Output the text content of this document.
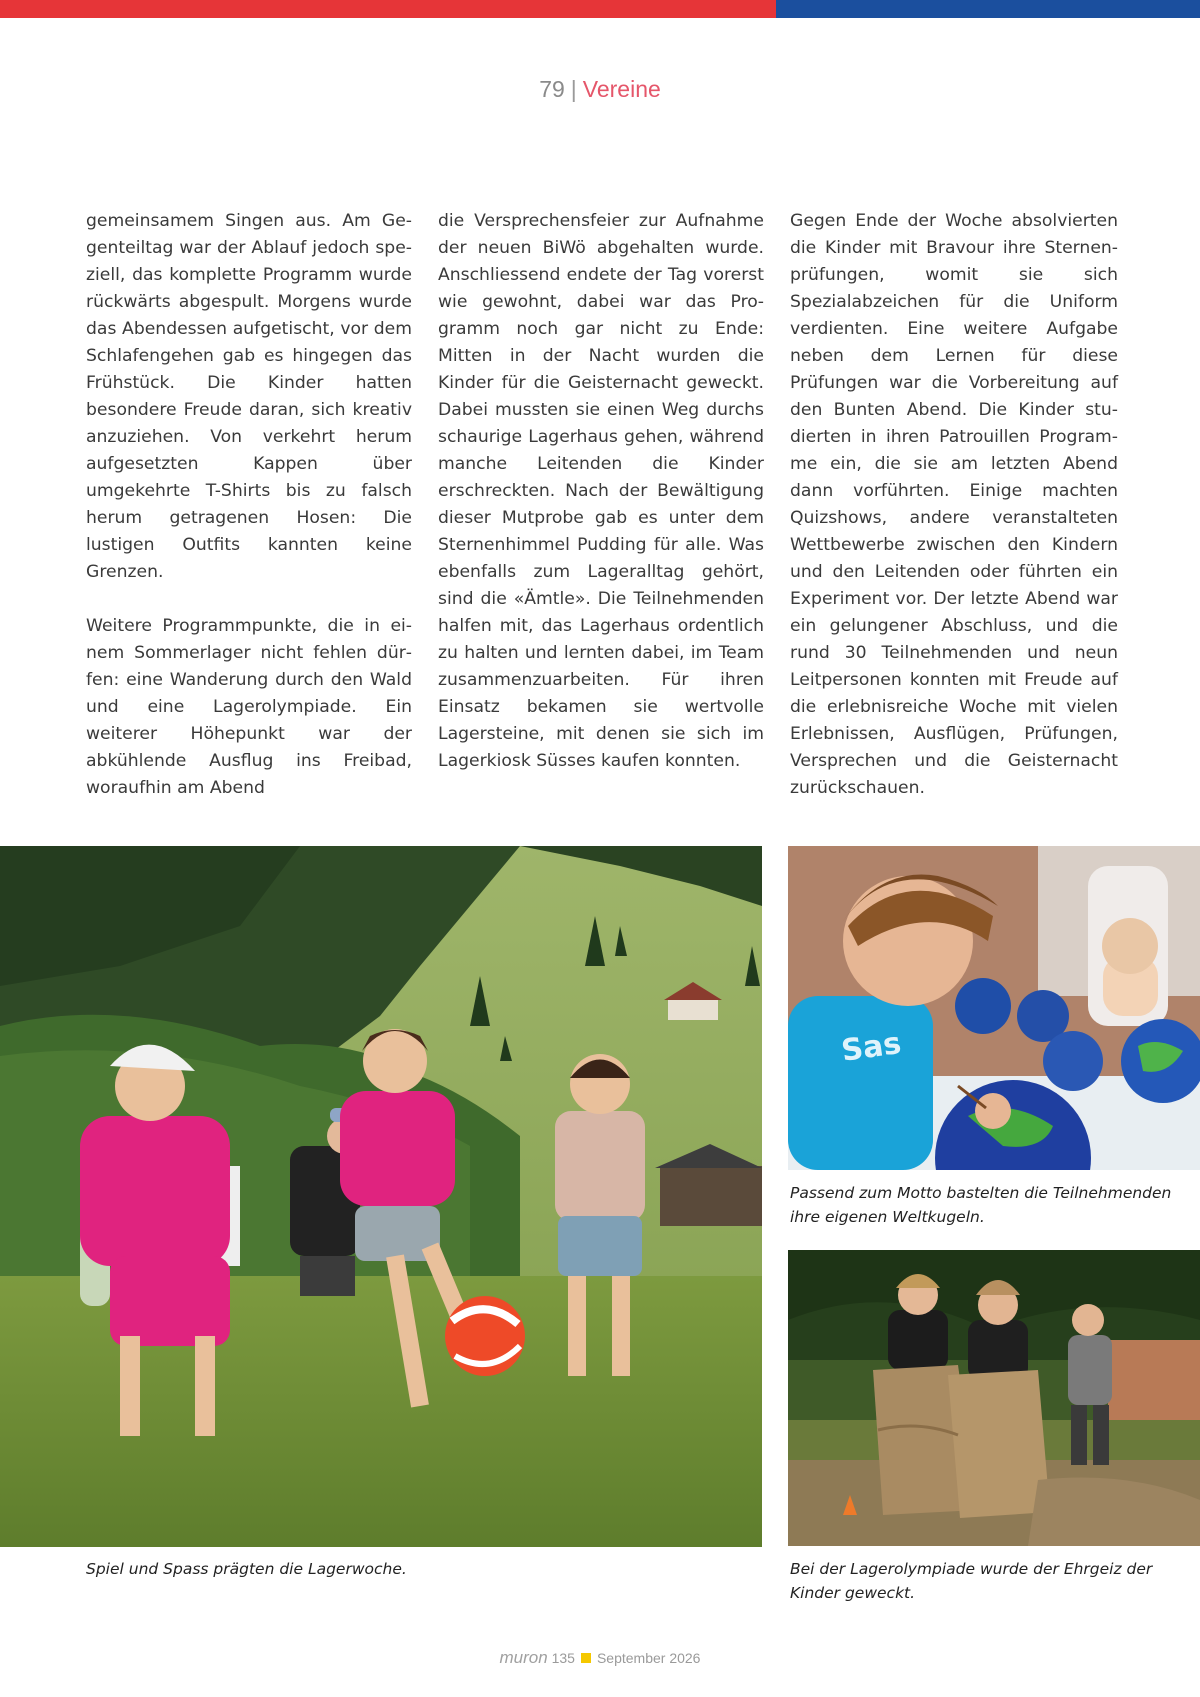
79 | Vereine

gemeinsamem Singen aus. Am Gegenteiltag war der Ablauf jedoch speziell, das komplette Programm wurde rückwärts abgespult. Morgens wurde das Abendessen aufgetischt, vor dem Schlafengehen gab es hingegen das Frühstück. Die Kinder hatten besondere Freude daran, sich kreativ anzuziehen. Von verkehrt herum aufgesetzten Kappen über umgekehrte T-Shirts bis zu falsch herum getragenen Hosen: Die lustigen Outfits kannten keine Grenzen.

Weitere Programmpunkte, die in einem Sommerlager nicht fehlen dürfen: eine Wanderung durch den Wald und eine Lagerolympiade. Ein weiterer Höhepunkt war der abkühlende Ausflug ins Freibad, woraufhin am Abend

die Versprechensfeier zur Aufnahme der neuen BiWö abgehalten wurde. Anschliessend endete der Tag vorerst wie gewohnt, dabei war das Programm noch gar nicht zu Ende: Mitten in der Nacht wurden die Kinder für die Geisternacht geweckt. Dabei mussten sie einen Weg durchs schaurige Lagerhaus gehen, während manche Leitenden die Kinder erschreckten. Nach der Bewältigung dieser Mutprobe gab es unter dem Sternenhimmel Pudding für alle. Was ebenfalls zum Lageralltag gehört, sind die «Ämtle». Die Teilnehmenden halfen mit, das Lagerhaus ordentlich zu halten und lernten dabei, im Team zusammenzuarbeiten. Für ihren Einsatz bekamen sie wertvolle Lagersteine, mit denen sie sich im Lagerkiosk Süsses kaufen konnten.

Gegen Ende der Woche absolvierten die Kinder mit Bravour ihre Sternenprüfungen, womit sie sich Spezialabzeichen für die Uniform verdienten. Eine weitere Aufgabe neben dem Lernen für diese Prüfungen war die Vorbereitung auf den Bunten Abend. Die Kinder studierten in ihren Patrouillen Programme ein, die sie am letzten Abend dann vorführten. Einige machten Quizshows, andere veranstalteten Wettbewerbe zwischen den Kindern und den Leitenden oder führten ein Experiment vor. Der letzte Abend war ein gelungener Abschluss, und die rund 30 Teilnehmenden und neun Leitpersonen konnten mit Freude auf die erlebnisreiche Woche mit vielen Erlebnissen, Ausflügen, Prüfungen, Versprechen und die Geisternacht zurückschauen.

Sas
Spiel und Spass prägten die Lagerwoche.
Passend zum Motto bastelten die Teilnehmenden ihre eigenen Weltkugeln.
Bei der Lagerolympiade wurde der Ehrgeiz der Kinder geweckt.
muron 135 September 2026
